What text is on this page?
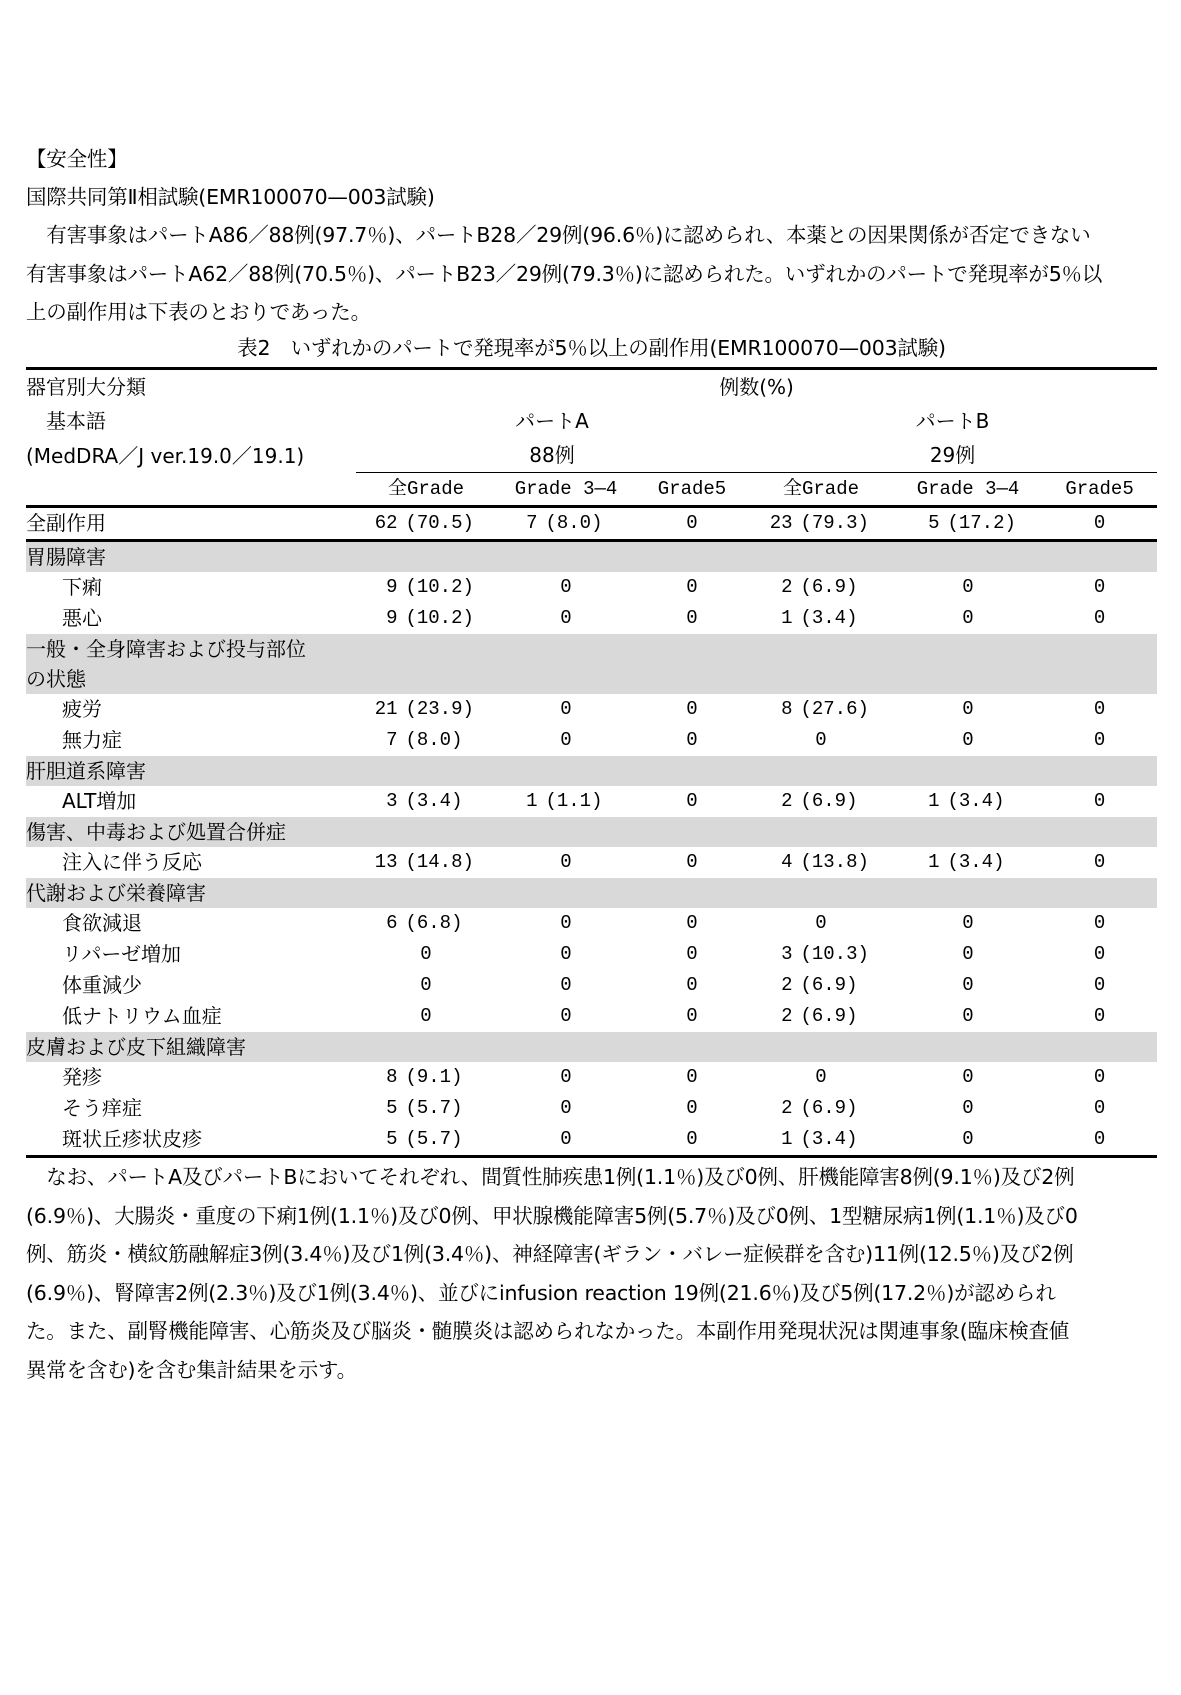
【安全性】
国際共同第Ⅱ相試験(EMR100070—003試験)
　有害事象はパートA86／88例(97.7％)、パートB28／29例(96.6％)に認められ、本薬との因果関係が否定できない
有害事象はパートA62／88例(70.5％)、パートB23／29例(79.3％)に認められた。いずれかのパートで発現率が5％以
上の副作用は下表のとおりであった。
表2　いずれかのパートで発現率が5％以上の副作用(EMR100070—003試験)
器官別大分類	例数(%)					
　基本語	パートA			パートB		
(MedDRA／J ver.19.0／19.1)	88例			29例		
	全Grade	Grade 3—4	Grade5	全Grade	Grade 3—4	Grade5
全副作用	62 (70.5)	7 (8.0)	0	23 (79.3)	5 (17.2)	0
胃腸障害						
下痢	9 (10.2)	0	0	2 (6.9)	0	0
悪心	9 (10.2)	0	0	1 (3.4)	0	0
一般・全身障害および投与部位						
の状態						
疲労	21 (23.9)	0	0	8 (27.6)	0	0
無力症	7 (8.0)	0	0	0	0	0
肝胆道系障害						
ALT増加	3 (3.4)	1 (1.1)	0	2 (6.9)	1 (3.4)	0
傷害、中毒および処置合併症						
注入に伴う反応	13 (14.8)	0	0	4 (13.8)	1 (3.4)	0
代謝および栄養障害						
食欲減退	6 (6.8)	0	0	0	0	0
リパーゼ増加	0	0	0	3 (10.3)	0	0
体重減少	0	0	0	2 (6.9)	0	0
低ナトリウム血症	0	0	0	2 (6.9)	0	0
皮膚および皮下組織障害						
発疹	8 (9.1)	0	0	0	0	0
そう痒症	5 (5.7)	0	0	2 (6.9)	0	0
斑状丘疹状皮疹	5 (5.7)	0	0	1 (3.4)	0	0
　なお、パートA及びパートBにおいてそれぞれ、間質性肺疾患1例(1.1％)及び0例、肝機能障害8例(9.1％)及び2例
(6.9％)、大腸炎・重度の下痢1例(1.1％)及び0例、甲状腺機能障害5例(5.7％)及び0例、1型糖尿病1例(1.1％)及び0
例、筋炎・横紋筋融解症3例(3.4％)及び1例(3.4％)、神経障害(ギラン・バレー症候群を含む)11例(12.5％)及び2例
(6.9％)、腎障害2例(2.3％)及び1例(3.4％)、並びにinfusion reaction 19例(21.6％)及び5例(17.2％)が認められ
た。また、副腎機能障害、心筋炎及び脳炎・髄膜炎は認められなかった。本副作用発現状況は関連事象(臨床検査値
異常を含む)を含む集計結果を示す。
